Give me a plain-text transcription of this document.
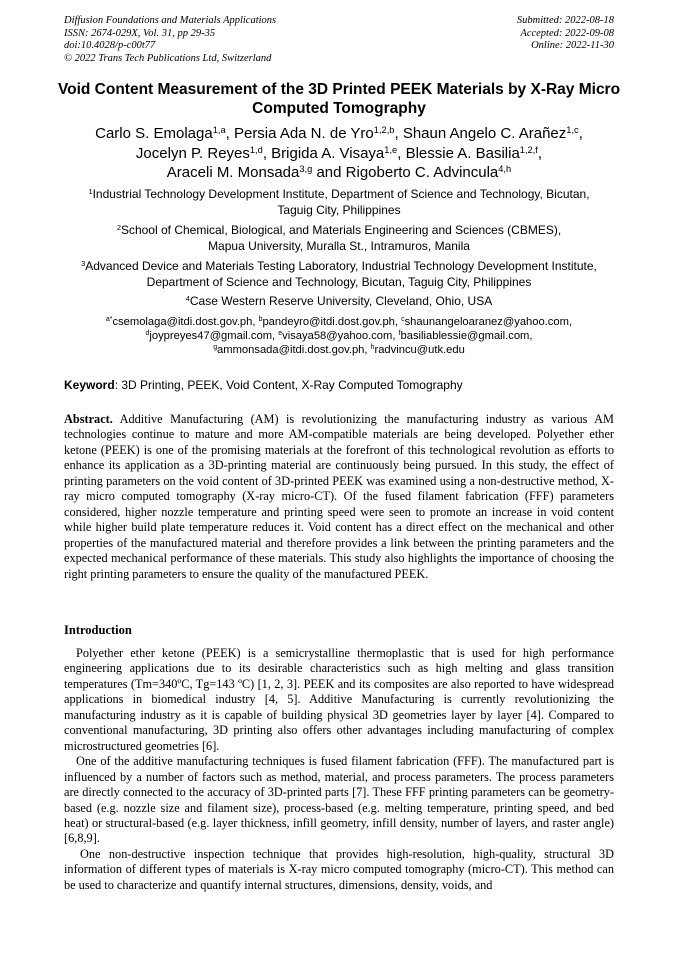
Diffusion Foundations and Materials Applications
ISSN: 2674-029X, Vol. 31, pp 29-35
doi:10.4028/p-c00t77
© 2022 Trans Tech Publications Ltd, Switzerland
Submitted: 2022-08-18
Accepted: 2022-09-08
Online: 2022-11-30
Void Content Measurement of the 3D Printed PEEK Materials by X-Ray Micro Computed Tomography
Carlo S. Emolaga$^{1,a}$, Persia Ada N. de Yro$^{1,2,b}$, Shaun Angelo C. Arañez$^{1,c}$,
Jocelyn P. Reyes$^{1,d}$, Brigida A. Visaya$^{1,e}$, Blessie A. Basilia$^{1,2,f}$,
Araceli M. Monsada$^{3,g}$ and Rigoberto C. Advincula$^{4,h}$

$^1$Industrial Technology Development Institute, Department of Science and Technology, Bicutan,

Taguig City, Philippines

$^2$School of Chemical, Biological, and Materials Engineering and Sciences (CBMES),

Mapua University, Muralla St., Intramuros, Manila

$^3$Advanced Device and Materials Testing Laboratory, Industrial Technology Development Institute,

Department of Science and Technology, Bicutan, Taguig City, Philippines

$^4$Case Western Reserve University, Cleveland, Ohio, USA

$^{a*}$csemolaga@itdi.dost.gov.ph, $^b$pandeyro@itdi.dost.gov.ph, $^c$shaunangeloaranez@yahoo.com,

$^d$joypreyes47@gmail.com, $^e$visaya58@yahoo.com, $^f$basiliablessie@gmail.com,

$^g$ammonsada@itdi.dost.gov.ph, $^h$radvincu@utk.edu

Keyword: 3D Printing, PEEK, Void Content, X-Ray Computed Tomography

Abstract. Additive Manufacturing (AM) is revolutionizing the manufacturing industry as various AM technologies continue to mature and more AM-compatible materials are being developed. Polyether ether ketone (PEEK) is one of the promising materials at the forefront of this technological revolution as efforts to enhance its application as a 3D-printing material are continuously being pursued. In this study, the effect of printing parameters on the void content of 3D-printed PEEK was examined using a non-destructive method, X-ray micro computed tomography (X-ray micro-CT). Of the fused filament fabrication (FFF) parameters considered, higher nozzle temperature and printing speed were seen to promote an increase in void content while higher build plate temperature reduces it. Void content has a direct effect on the mechanical and other properties of the manufactured material and therefore provides a link between the printing parameters and the expected mechanical performance of these materials. This study also highlights the importance of choosing the right printing parameters to ensure the quality of the manufactured PEEK.

Introduction

Polyether ether ketone (PEEK) is a semicrystalline thermoplastic that is used for high performance engineering applications due to its desirable characteristics such as high melting and glass transition temperatures (Tm=340ºC, Tg=143 ºC) [1, 2, 3]. PEEK and its composites are also reported to have widespread applications in biomedical industry [4, 5]. Additive Manufacturing is currently revolutionizing the manufacturing industry as it is capable of building physical 3D geometries layer by layer [4]. Compared to conventional manufacturing, 3D printing also offers other advantages including manufacturing of complex microstructured geometries [6].

One of the additive manufacturing techniques is fused filament fabrication (FFF). The manufactured part is influenced by a number of factors such as method, material, and process parameters. The process parameters are directly connected to the accuracy of 3D-printed parts [7]. These FFF printing parameters can be geometry-based (e.g. nozzle size and filament size), process-based (e.g. melting temperature, printing speed, and bed heat) or structural-based (e.g. layer thickness, infill geometry, infill density, number of layers, and raster angle) [6,8,9].

One non-destructive inspection technique that provides high-resolution, high-quality, structural 3D information of different types of materials is X-ray micro computed tomography (micro-CT). This method can be used to characterize and quantify internal structures, dimensions, density, voids, and
